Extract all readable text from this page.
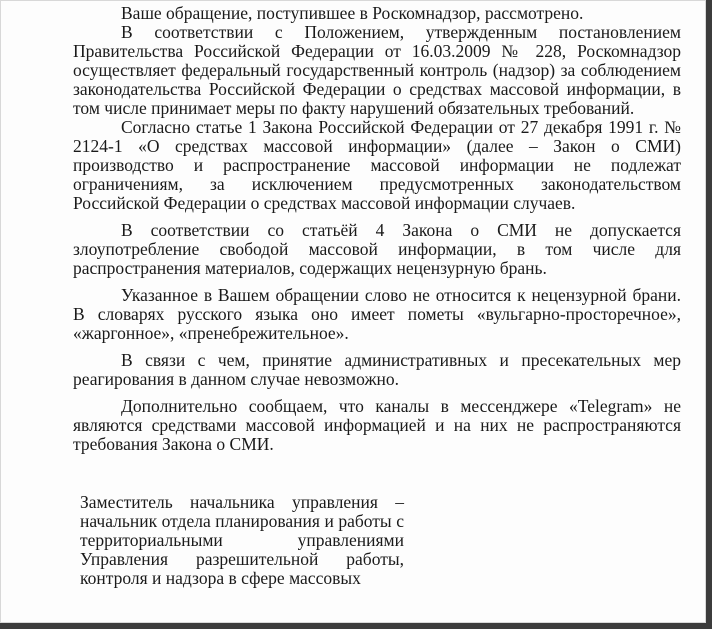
Ваше обращение, поступившее в Роскомнадзор, рассмотрено.

В соответствии с Положением, утвержденным постановлением Правительства Российской Федерации от 16.03.2009 № 228, Роскомнадзор осуществляет федеральный государственный контроль (надзор) за соблюдением законодательства Российской Федерации о средствах массовой информации, в том числе принимает меры по факту нарушений обязательных требований.

Согласно статье 1 Закона Российской Федерации от 27 декабря 1991 г. № 2124-1 «О средствах массовой информации» (далее – Закон о СМИ) производство и распространение массовой информации не подлежат ограничениям, за исключением предусмотренных законодательством Российской Федерации о средствах массовой информации случаев.

В соответствии со статьёй 4 Закона о СМИ не допускается злоупотребление свободой массовой информации, в том числе для распространения материалов, содержащих нецензурную брань.

Указанное в Вашем обращении слово не относится к нецензурной брани. В словарях русского языка оно имеет пометы «вульгарно-просторечное», «жаргонное», «пренебрежительное».

В связи с чем, принятие административных и пресекательных мер реагирования в данном случае невозможно.

Дополнительно сообщаем, что каналы в мессенджере «Telegram» не являются средствами массовой информацией и на них не распространяются требования Закона о СМИ.

Заместитель начальника управления – начальник отдела планирования и работы с территориальными управлениями Управления разрешительной работы, контроля и надзора в сфере массовых
